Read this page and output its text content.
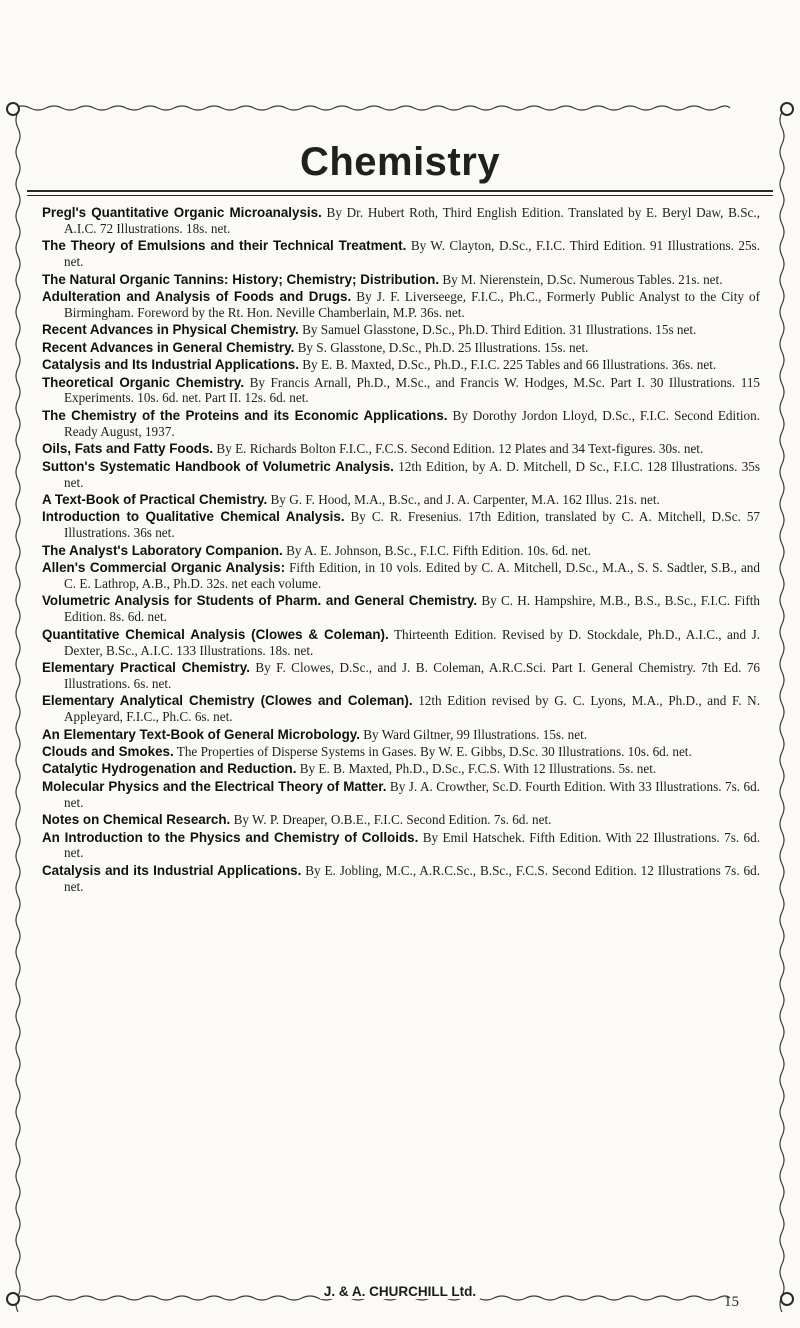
Chemistry

Pregl's Quantitative Organic Microanalysis. By Dr. Hubert Roth, Third English Edition. Translated by E. Beryl Daw, B.Sc., A.I.C. 72 Illustrations. 18s. net.

The Theory of Emulsions and their Technical Treatment. By W. Clayton, D.Sc., F.I.C. Third Edition. 91 Illustrations. 25s. net.

The Natural Organic Tannins: History; Chemistry; Distribution. By M. Nierenstein, D.Sc. Numerous Tables. 21s. net.

Adulteration and Analysis of Foods and Drugs. By J. F. Liverseege, F.I.C., Ph.C., Formerly Public Analyst to the City of Birmingham. Foreword by the Rt. Hon. Neville Chamberlain, M.P. 36s. net.

Recent Advances in Physical Chemistry. By Samuel Glasstone, D.Sc., Ph.D. Third Edition. 31 Illustrations. 15s net.

Recent Advances in General Chemistry. By S. Glasstone, D.Sc., Ph.D. 25 Illustrations. 15s. net.

Catalysis and Its Industrial Applications. By E. B. Maxted, D.Sc., Ph.D., F.I.C. 225 Tables and 66 Illustrations. 36s. net.

Theoretical Organic Chemistry. By Francis Arnall, Ph.D., M.Sc., and Francis W. Hodges, M.Sc. Part I. 30 Illustrations. 115 Experiments. 10s. 6d. net. Part II. 12s. 6d. net.

The Chemistry of the Proteins and its Economic Applications. By Dorothy Jordon Lloyd, D.Sc., F.I.C. Second Edition. Ready August, 1937.

Oils, Fats and Fatty Foods. By E. Richards Bolton F.I.C., F.C.S. Second Edition. 12 Plates and 34 Text-figures. 30s. net.

Sutton's Systematic Handbook of Volumetric Analysis. 12th Edition, by A. D. Mitchell, D Sc., F.I.C. 128 Illustrations. 35s net.

A Text-Book of Practical Chemistry. By G. F. Hood, M.A., B.Sc., and J. A. Carpenter, M.A. 162 Illus. 21s. net.

Introduction to Qualitative Chemical Analysis. By C. R. Fresenius. 17th Edition, translated by C. A. Mitchell, D.Sc. 57 Illustrations. 36s net.

The Analyst's Laboratory Companion. By A. E. Johnson, B.Sc., F.I.C. Fifth Edition. 10s. 6d. net.

Allen's Commercial Organic Analysis: Fifth Edition, in 10 vols. Edited by C. A. Mitchell, D.Sc., M.A., S. S. Sadtler, S.B., and C. E. Lathrop, A.B., Ph.D. 32s. net each volume.

Volumetric Analysis for Students of Pharm. and General Chemistry. By C. H. Hampshire, M.B., B.S., B.Sc., F.I.C. Fifth Edition. 8s. 6d. net.

Quantitative Chemical Analysis (Clowes & Coleman). Thirteenth Edition. Revised by D. Stockdale, Ph.D., A.I.C., and J. Dexter, B.Sc., A.I.C. 133 Illustrations. 18s. net.

Elementary Practical Chemistry. By F. Clowes, D.Sc., and J. B. Coleman, A.R.C.Sci. Part I. General Chemistry. 7th Ed. 76 Illustrations. 6s. net.

Elementary Analytical Chemistry (Clowes and Coleman). 12th Edition revised by G. C. Lyons, M.A., Ph.D., and F. N. Appleyard, F.I.C., Ph.C. 6s. net.

An Elementary Text-Book of General Microbology. By Ward Giltner, 99 Illustrations. 15s. net.

Clouds and Smokes. The Properties of Disperse Systems in Gases. By W. E. Gibbs, D.Sc. 30 Illustrations. 10s. 6d. net.

Catalytic Hydrogenation and Reduction. By E. B. Maxted, Ph.D., D.Sc., F.C.S. With 12 Illustrations. 5s. net.

Molecular Physics and the Electrical Theory of Matter. By J. A. Crowther, Sc.D. Fourth Edition. With 33 Illustrations. 7s. 6d. net.

Notes on Chemical Research. By W. P. Dreaper, O.B.E., F.I.C. Second Edition. 7s. 6d. net.

An Introduction to the Physics and Chemistry of Colloids. By Emil Hatschek. Fifth Edition. With 22 Illustrations. 7s. 6d. net.

Catalysis and its Industrial Applications. By E. Jobling, M.C., A.R.C.Sc., B.Sc., F.C.S. Second Edition. 12 Illustrations 7s. 6d. net.

J. & A. CHURCHILL Ltd.
15
